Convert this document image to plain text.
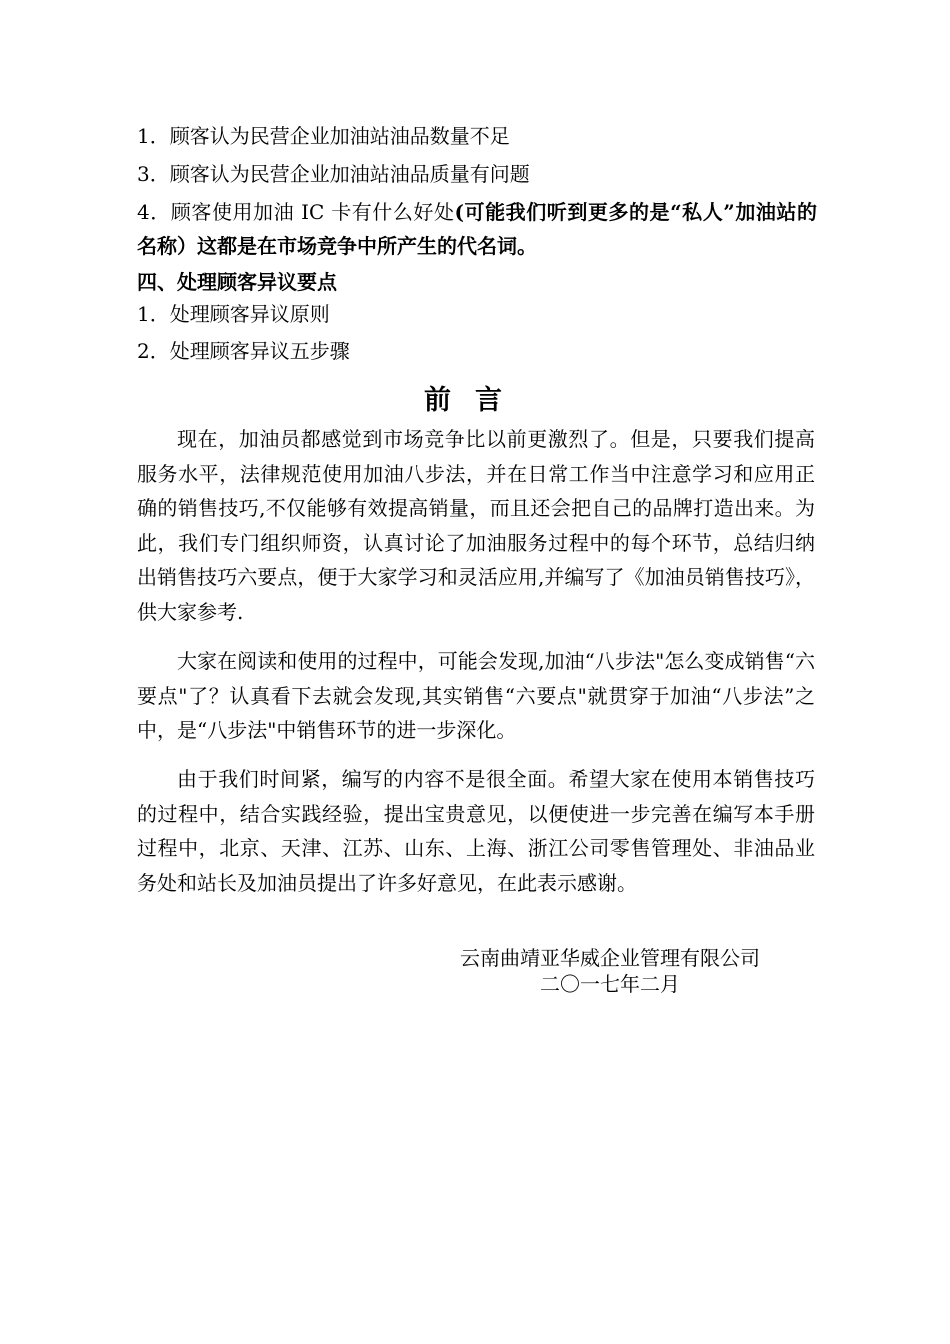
1．顾客认为民营企业加油站油品数量不足
3．顾客认为民营企业加油站油品质量有问题
4．顾客使用加油 IC 卡有什么好处(可能我们听到更多的是“私人”加油站的名称）这都是在市场竞争中所产生的代名词。
四、处理顾客异议要点
1．处理顾客异议原则
2．处理顾客异议五步骤
前言
现在，加油员都感觉到市场竞争比以前更激烈了。但是，只要我们提高服务水平，法律规范使用加油八步法，并在日常工作当中注意学习和应用正确的销售技巧,不仅能够有效提高销量，而且还会把自己的品牌打造出来。为此，我们专门组织师资，认真讨论了加油服务过程中的每个环节，总结归纳出销售技巧六要点，便于大家学习和灵活应用,并编写了《加油员销售技巧》，供大家参考.
大家在阅读和使用的过程中，可能会发现,加油“八步法"怎么变成销售“六要点"了？认真看下去就会发现,其实销售“六要点"就贯穿于加油“八步法”之中，是“八步法"中销售环节的进一步深化。
由于我们时间紧，编写的内容不是很全面。希望大家在使用本销售技巧的过程中，结合实践经验，提出宝贵意见，以便使进一步完善在编写本手册过程中，北京、天津、江苏、山东、上海、浙江公司零售管理处、非油品业务处和站长及加油员提出了许多好意见，在此表示感谢。
云南曲靖亚华威企业管理有限公司
二〇一七年二月
